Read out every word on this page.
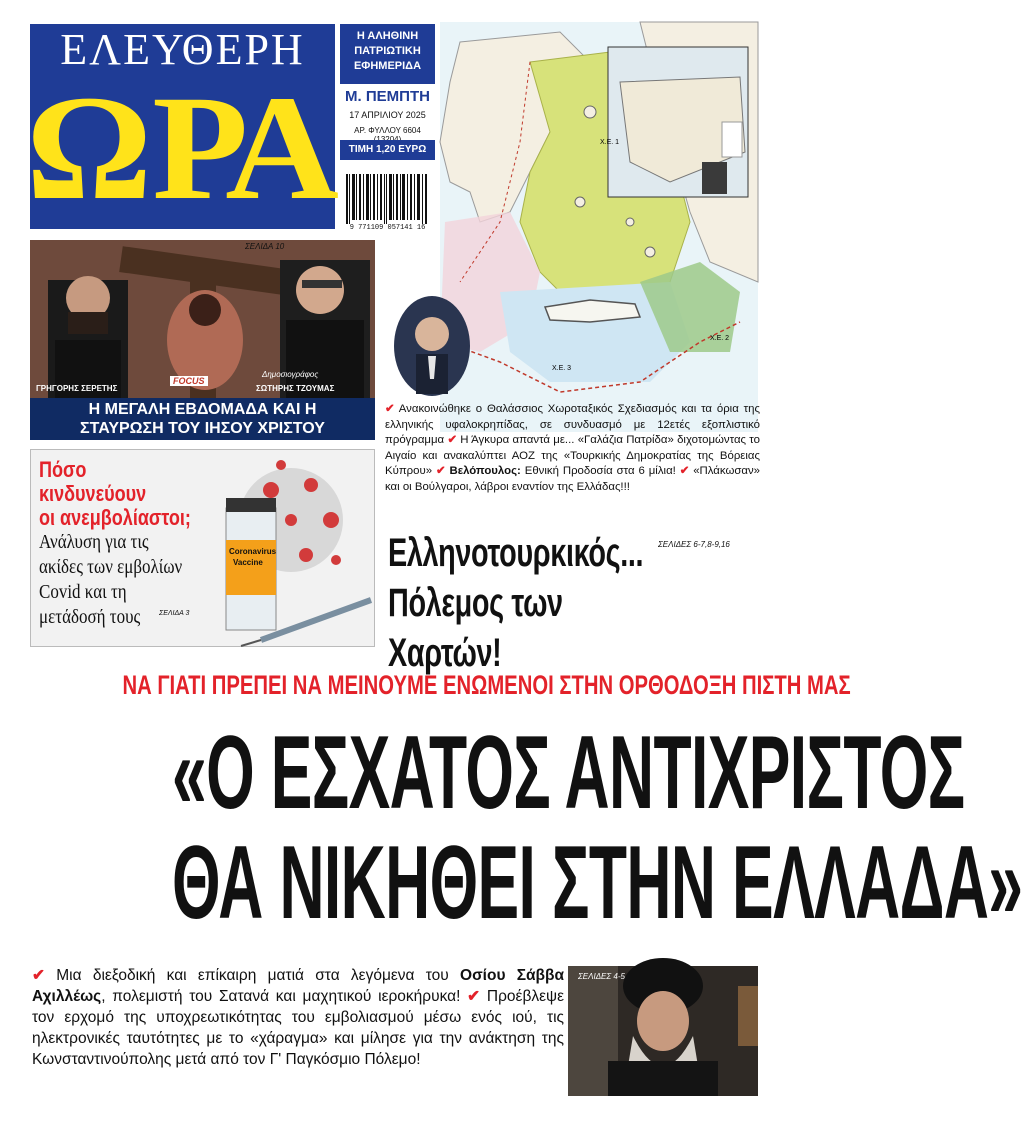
ΕΛΕΥΘΕΡΗ
ΩΡΑ
Η ΑΛΗΘΙΝΗ
ΠΑΤΡΙΩΤΙΚΗ
ΕΦΗΜΕΡΙΔΑ
Μ. ΠΕΜΠΤΗ
17 ΑΠΡΙΛΙΟΥ 2025
ΑΡ. ΦΥΛΛΟΥ 6604
ΤΙΜΗ 1,20 ΕΥΡΩ
9 771109 057141 16
Χ.Ε. 1
Χ.Ε. 2
Χ.Ε. 3
ΣΕΛΙΔΑ 10
ΓΡΗΓΟΡΗΣ ΣΕΡΕΤΗΣ
Δημοσιογράφος
ΣΩΤΗΡΗΣ ΤΖΟΥΜΑΣ
FOCUS
Η ΜΕΓΑΛΗ ΕΒΔΟΜΑΔΑ ΚΑΙ Η
ΣΤΑΥΡΩΣΗ ΤΟΥ ΙΗΣΟΥ ΧΡΙΣΤΟΥ
Coronavirus
Vaccine
Πόσο κινδυνεύουν
οι ανεμβολίαστοι;
Ανάλυση για τις
ακίδες των εμβολίων
Covid και τη
μετάδοσή τους	ΣΕΛΙΔΑ 3
✔ Ανακοινώθηκε ο Θαλάσσιος Χωροταξικός Σχεδιασμός και τα όρια της ελληνικής υφαλοκρηπίδας, σε συνδυασμό με 12ετές εξοπλιστικό πρόγραμμα ✔ Η Άγκυρα απαντά με... «Γαλάζια Πατρίδα» διχοτομώντας το Αιγαίο και ανακαλύπτει ΑΟΖ της «Τουρκικής Δημοκρατίας της Βόρειας Κύπρου» ✔ Βελόπουλος: Εθνική Προδοσία στα 6 μίλια! ✔ «Πλάκωσαν» και οι Βούλγαροι, λάβροι εναντίον της Ελλάδας!!!
ΣΕΛΙΔΕΣ 6-7,8-9,16
Ελληνοτουρκικός...
Πόλεμος των Χαρτών!
ΝΑ ΓΙΑΤΙ ΠΡΕΠΕΙ ΝΑ ΜΕΙΝΟΥΜΕ ΕΝΩΜΕΝΟΙ ΣΤΗΝ ΟΡΘΟΔΟΞΗ ΠΙΣΤΗ ΜΑΣ
«Ο ΕΣΧΑΤΟΣ ΑΝΤΙΧΡΙΣΤΟΣ
ΘΑ ΝΙΚΗΘΕΙ ΣΤΗΝ ΕΛΛΑΔΑ»
✔ Μια διεξοδική και επίκαιρη ματιά στα λεγόμενα του Οσίου Σάββα Αχιλλέως, πολεμιστή του Σατανά και μαχητικού ιεροκήρυκα! ✔ Προέβλεψε τον ερχομό της υποχρεωτικότητας του εμβολιασμού μέσω ενός ιού, τις ηλεκτρονικές ταυτότητες με το «χάραγμα» και μίλησε για την ανάκτηση της Κωνσταντινούπολης μετά από τον Γ' Παγκόσμιο Πόλεμο!
ΣΕΛΙΔΕΣ 4-5
